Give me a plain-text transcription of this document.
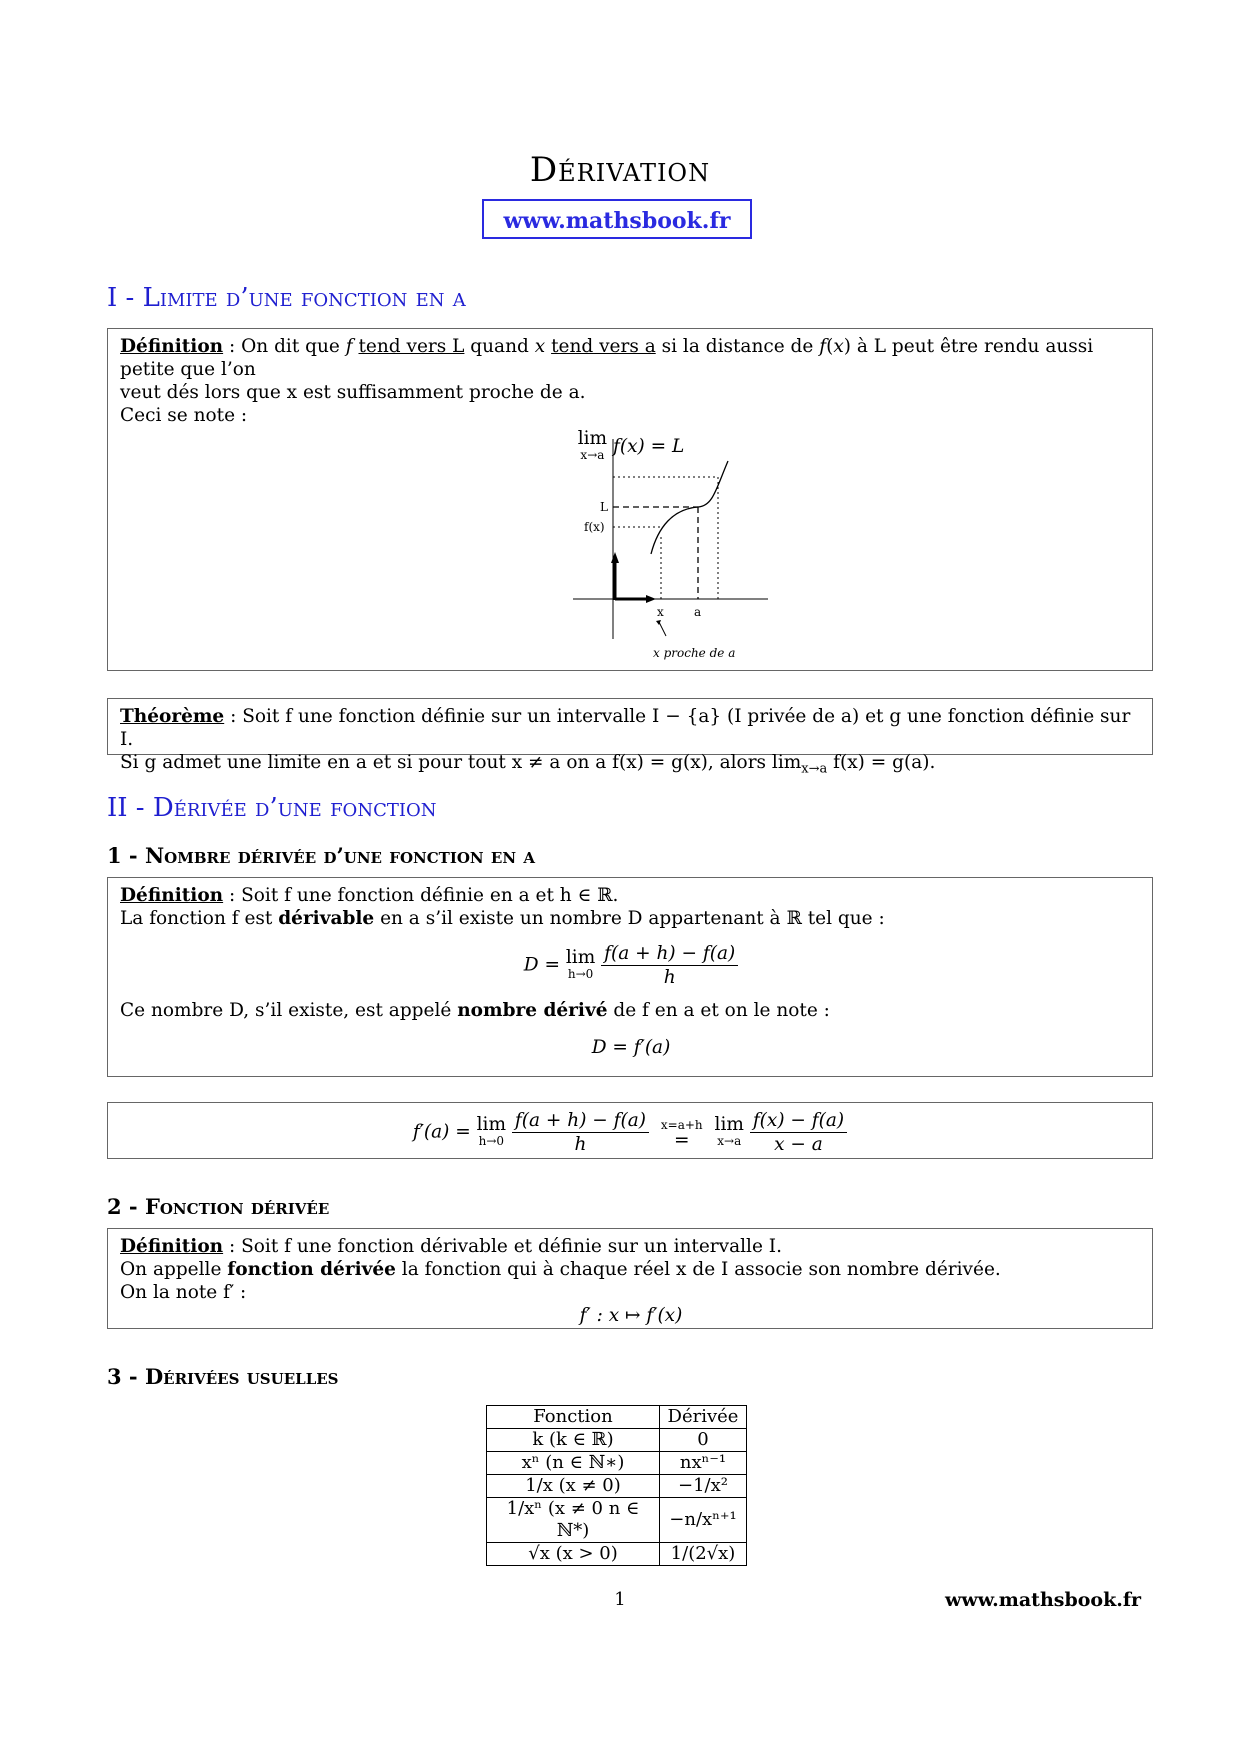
Dérivation
www.mathsbook.fr
I - Limite d’une fonction en a

Définition : On dit que f tend vers L quand x tend vers a si la distance de f(x) à L peut être rendu aussi petite que l’on

veut dés lors que x est suffisamment proche de a.

Ceci se note :

lim
x→a f(x) = L

L
f(x)
x	a
x proche de a

Théorème : Soit f une fonction définie sur un intervalle I − {a} (I privée de a) et g une fonction définie sur I.

Si g admet une limite en a et si pour tout x ≠ a on a f(x) = g(x), alors $\lim_{x\to a} f(x) = g(a)$.

II - Dérivée d’une fonction
1 - Nombre dérivée d’une fonction en a

Définition : Soit f une fonction définie en a et h ∈ ℝ.

La fonction f est dérivable en a s’il existe un nombre D appartenant à ℝ tel que :

D = lim
h→0
$\frac{f(a + h) - f(a)}{h}$

Ce nombre D, s’il existe, est appelé nombre dérivé de f en a et on le note :

D = f′(a)

f′(a) = lim
h→0
$\frac{f(a + h) - f(a)}{h}$
x=a+h
=

lim
x→a
$\frac{f(x) - f(a)}{x - a}$

2 - Fonction dérivée

Définition : Soit f une fonction dérivable et définie sur un intervalle I.

On appelle fonction dérivée la fonction qui à chaque réel x de I associe son nombre dérivée.

On la note f′ :

f′ : x ↦ f′(x)

3 - Dérivées usuelles
Fonction	Dérivée
k (k ∈ ℝ)	0
xⁿ (n ∈ ℕ∗)	nxⁿ⁻¹
1/x (x ≠ 0)	−1/x²
1/xⁿ (x ≠ 0 n ∈ ℕ*)	−n/xⁿ⁺¹
√x (x > 0)	1/(2√x)
1	www.mathsbook.fr
